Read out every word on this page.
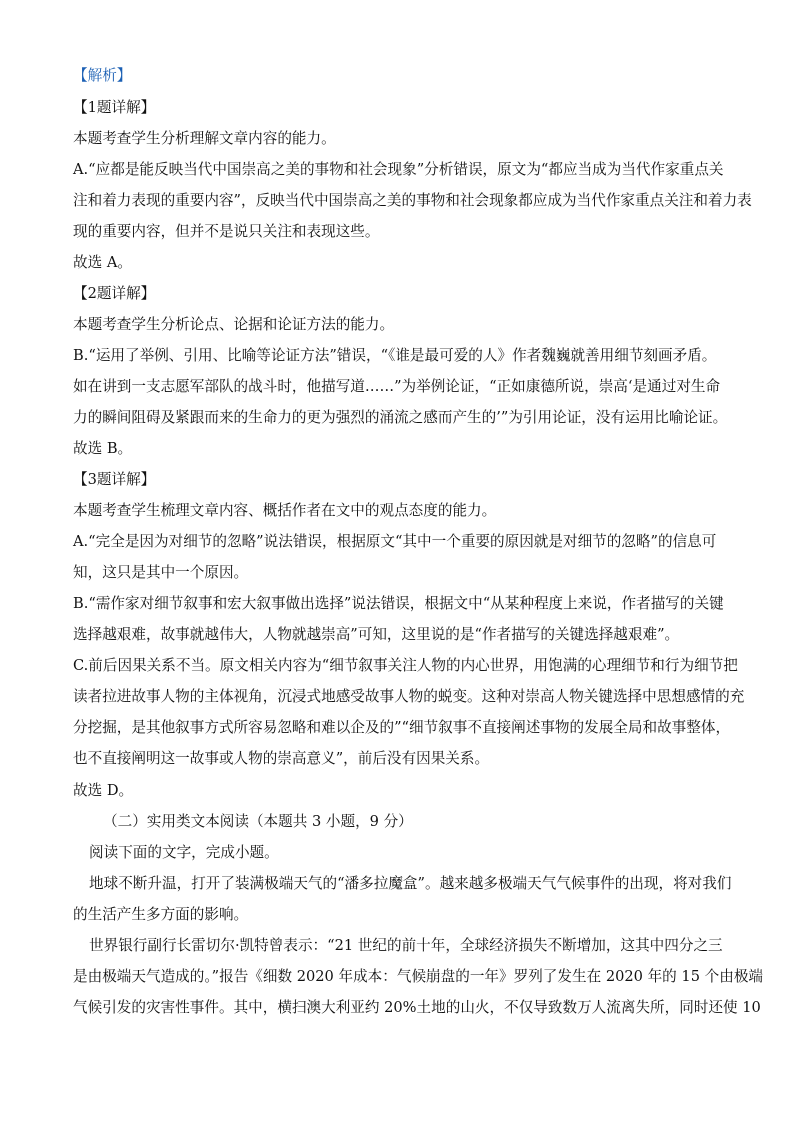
【解析】
【1题详解】
本题考查学生分析理解文章内容的能力。
A.“应都是能反映当代中国崇高之美的事物和社会现象”分析错误，原文为“都应当成为当代作家重点关
注和着力表现的重要内容”，反映当代中国崇高之美的事物和社会现象都应成为当代作家重点关注和着力表
现的重要内容，但并不是说只关注和表现这些。
故选 A。
【2题详解】
本题考查学生分析论点、论据和论证方法的能力。
B.“运用了举例、引用、比喻等论证方法”错误，“《谁是最可爱的人》作者魏巍就善用细节刻画矛盾。
如在讲到一支志愿军部队的战斗时，他描写道……”为举例论证，“正如康德所说，崇高‘是通过对生命
力的瞬间阻碍及紧跟而来的生命力的更为强烈的涌流之感而产生的’”为引用论证，没有运用比喻论证。
故选 B。
【3题详解】
本题考查学生梳理文章内容、概括作者在文中的观点态度的能力。
A.“完全是因为对细节的忽略”说法错误，根据原文“其中一个重要的原因就是对细节的忽略”的信息可
知，这只是其中一个原因。
B.“需作家对细节叙事和宏大叙事做出选择”说法错误，根据文中“从某种程度上来说，作者描写的关键
选择越艰难，故事就越伟大，人物就越崇高”可知，这里说的是“作者描写的关键选择越艰难”。
C.前后因果关系不当。原文相关内容为“细节叙事关注人物的内心世界，用饱满的心理细节和行为细节把
读者拉进故事人物的主体视角，沉浸式地感受故事人物的蜕变。这种对崇高人物关键选择中思想感情的充
分挖掘，是其他叙事方式所容易忽略和难以企及的”“细节叙事不直接阐述事物的发展全局和故事整体，
也不直接阐明这一故事或人物的崇高意义”，前后没有因果关系。
故选 D。
（二）实用类文本阅读（本题共 3 小题，9 分）
阅读下面的文字，完成小题。
地球不断升温，打开了装满极端天气的“潘多拉魔盒”。越来越多极端天气气候事件的出现，将对我们
的生活产生多方面的影响。
世界银行副行长雷切尔·凯特曾表示：“21 世纪的前十年，全球经济损失不断增加，这其中四分之三
是由极端天气造成的。”报告《细数 2020 年成本：气候崩盘的一年》罗列了发生在 2020 年的 15 个由极端
气候引发的灾害性事件。其中，横扫澳大利亚约 20%土地的山火，不仅导致数万人流离失所，同时还使 10
